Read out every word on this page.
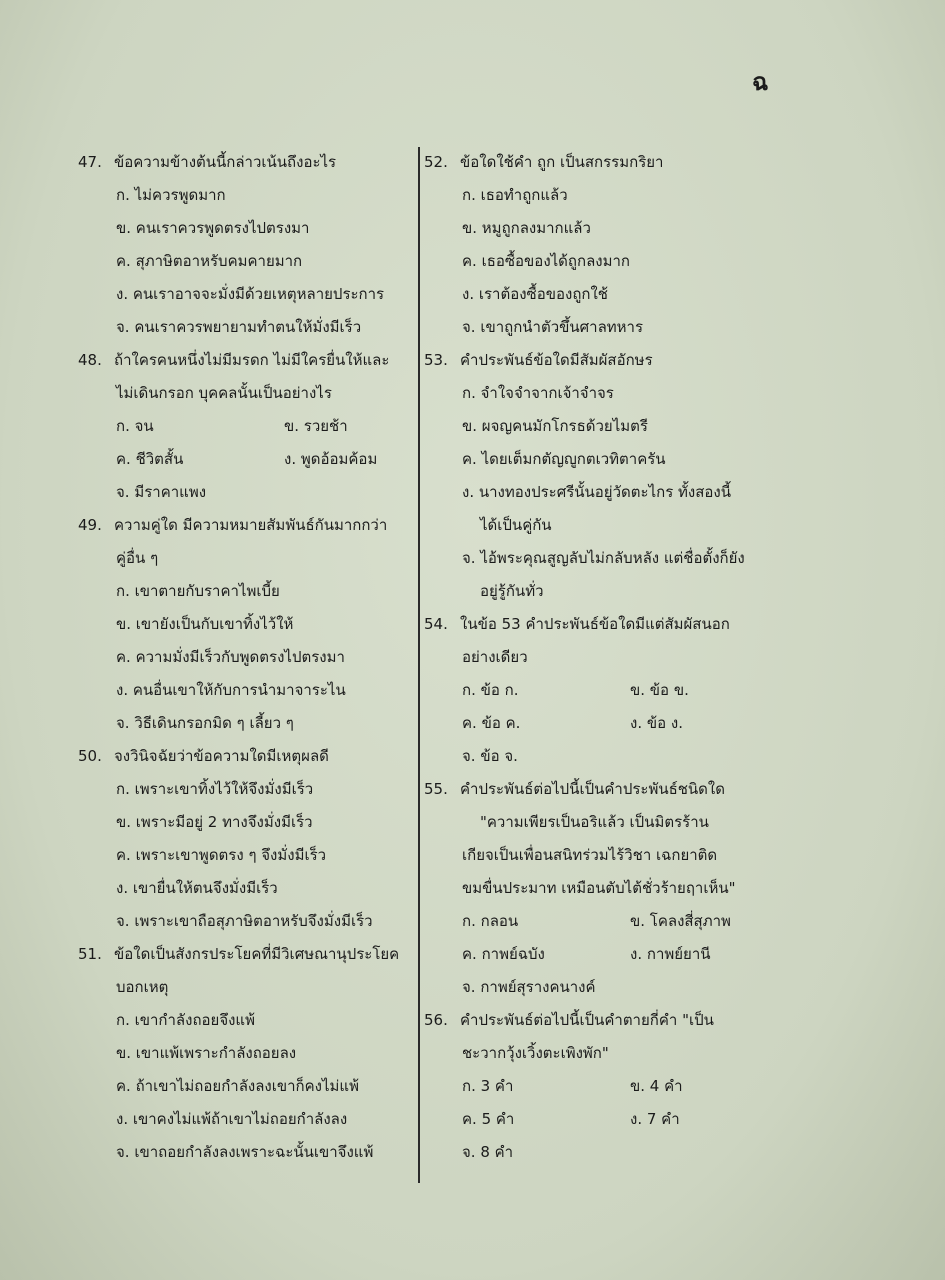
ฉ
47. ข้อความข้างต้นนี้กล่าวเน้นถึงอะไร
ก. ไม่ควรพูดมาก
ข. คนเราควรพูดตรงไปตรงมา
ค. สุภาษิตอาหรับคมคายมาก
ง. คนเราอาจจะมั่งมีด้วยเหตุหลายประการ
จ. คนเราควรพยายามทำตนให้มั่งมีเร็ว
48. ถ้าใครคนหนึ่งไม่มีมรดก ไม่มีใครยื่นให้และ
ไม่เดินกรอก บุคคลนั้นเป็นอย่างไร
ก. จน	ข. รวยช้า
ค. ชีวิตสั้น	ง. พูดอ้อมค้อม
จ. มีราคาแพง
49. ความคู่ใด มีความหมายสัมพันธ์กันมากกว่า
คู่อื่น ๆ
ก. เขาตายกับราคาไพเบี้ย
ข. เขายังเป็นกับเขาทิ้งไว้ให้
ค. ความมั่งมีเร็วกับพูดตรงไปตรงมา
ง. คนอื่นเขาให้กับการนำมาจาระไน
จ. วิธีเดินกรอกมิด ๆ เลี้ยว ๆ
50. จงวินิจฉัยว่าข้อความใดมีเหตุผลดี
ก. เพราะเขาทิ้งไว้ให้จึงมั่งมีเร็ว
ข. เพราะมีอยู่ 2 ทางจึงมั่งมีเร็ว
ค. เพราะเขาพูดตรง ๆ จึงมั่งมีเร็ว
ง. เขายื่นให้ตนจึงมั่งมีเร็ว
จ. เพราะเขาถือสุภาษิตอาหรับจึงมั่งมีเร็ว
51. ข้อใดเป็นสังกรประโยคที่มีวิเศษณานุประโยค
บอกเหตุ
ก. เขากำลังถอยจึงแพ้
ข. เขาแพ้เพราะกำลังถอยลง
ค. ถ้าเขาไม่ถอยกำลังลงเขาก็คงไม่แพ้
ง. เขาคงไม่แพ้ถ้าเขาไม่ถอยกำลังลง
จ. เขาถอยกำลังลงเพราะฉะนั้นเขาจึงแพ้
52. ข้อใดใช้คำ ถูก เป็นสกรรมกริยา
ก. เธอทำถูกแล้ว
ข. หมูถูกลงมากแล้ว
ค. เธอซื้อของได้ถูกลงมาก
ง. เราต้องซื้อของถูกใช้
จ. เขาถูกนำตัวขึ้นศาลทหาร
53. คำประพันธ์ข้อใดมีสัมผัสอักษร
ก. จำใจจำจากเจ้าจำจร
ข. ผจญคนมักโกรธด้วยไมตรี
ค. ไดยเต็มกตัญญูกตเวทิตาครัน
ง. นางทองประศรีนั้นอยู่วัดตะไกร ทั้งสองนี้
ได้เป็นคู่กัน
จ. ไอ้พระคุณสูญลับไม่กลับหลัง แต่ชื่อตั้งก็ยัง
อยู่รู้กันทั่ว
54. ในข้อ 53 คำประพันธ์ข้อใดมีแต่สัมผัสนอก
อย่างเดียว
ก. ข้อ ก.	ข. ข้อ ข.
ค. ข้อ ค.	ง. ข้อ ง.
จ. ข้อ จ.
55. คำประพันธ์ต่อไปนี้เป็นคำประพันธ์ชนิดใด
"ความเพียรเป็นอริแล้ว เป็นมิตรร้าน
เกียจเป็นเพื่อนสนิทร่วมไร้วิชา เฉกยาติด
ขมขื่นประมาท เหมือนตับไต้ชั่วร้ายฤาเห็น"
ก. กลอน	ข. โคลงสี่สุภาพ
ค. กาพย์ฉบัง	ง. กาพย์ยานี
จ. กาพย์สุรางคนางค์
56. คำประพันธ์ต่อไปนี้เป็นคำตายกี่คำ "เป็น
ชะวากวุ้งเวิ้งตะเพิงพัก"
ก. 3 คำ	ข. 4 คำ
ค. 5 คำ	ง. 7 คำ
จ. 8 คำ
